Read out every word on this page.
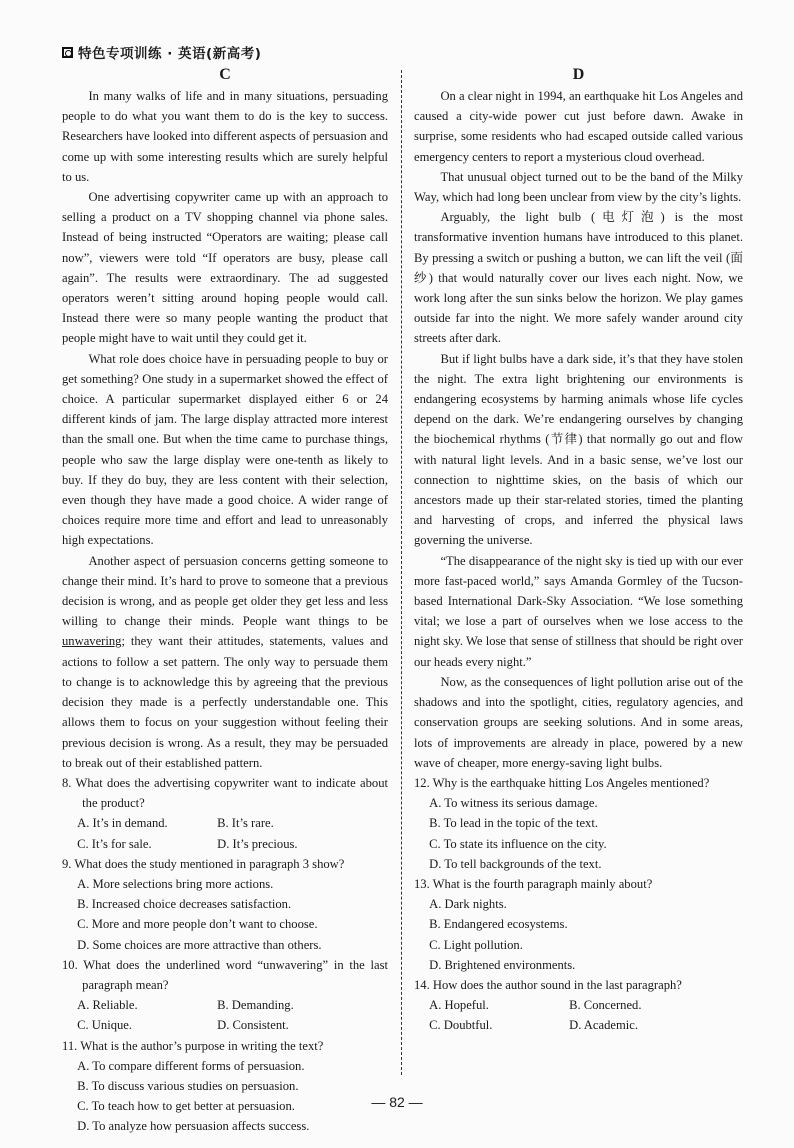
特色专项训练 · 英语(新高考)
C

In many walks of life and in many situations, persuading people to do what you want them to do is the key to success. Researchers have looked into different aspects of persuasion and come up with some interesting results which are surely helpful to us.

One advertising copywriter came up with an approach to selling a product on a TV shopping channel via phone sales. Instead of being instructed “Operators are waiting; please call now”, viewers were told “If operators are busy, please call again”. The results were extraordinary. The ad suggested operators weren’t sitting around hoping people would call. Instead there were so many people wanting the product that people might have to wait until they could get it.

What role does choice have in persuading people to buy or get something? One study in a supermarket showed the effect of choice. A particular supermarket displayed either 6 or 24 different kinds of jam. The large display attracted more interest than the small one. But when the time came to purchase things, people who saw the large display were one-tenth as likely to buy. If they do buy, they are less content with their selection, even though they have made a good choice. A wider range of choices require more time and effort and lead to unreasonably high expectations.

Another aspect of persuasion concerns getting someone to change their mind. It’s hard to prove to someone that a previous decision is wrong, and as people get older they get less and less willing to change their minds. People want things to be unwavering; they want their attitudes, statements, values and actions to follow a set pattern. The only way to persuade them to change is to acknowledge this by agreeing that the previous decision they made is a perfectly understandable one. This allows them to focus on your suggestion without feeling their previous decision is wrong. As a result, they may be persuaded to break out of their established pattern.

8. What does the advertising copywriter want to indicate about the product?
A. It’s in demand.	B. It’s rare.
C. It’s for sale.	D. It’s precious.
9. What does the study mentioned in paragraph 3 show?
A. More selections bring more actions.
B. Increased choice decreases satisfaction.
C. More and more people don’t want to choose.
D. Some choices are more attractive than others.
10. What does the underlined word “unwavering” in the last paragraph mean?
A. Reliable.	B. Demanding.
C. Unique.	D. Consistent.
11. What is the author’s purpose in writing the text?
A. To compare different forms of persuasion.
B. To discuss various studies on persuasion.
C. To teach how to get better at persuasion.
D. To analyze how persuasion affects success.
D

On a clear night in 1994, an earthquake hit Los Angeles and caused a city-wide power cut just before dawn. Awake in surprise, some residents who had escaped outside called various emergency centers to report a mysterious cloud overhead.

That unusual object turned out to be the band of the Milky Way, which had long been unclear from view by the city’s lights.

Arguably, the light bulb (电灯泡) is the most transformative invention humans have introduced to this planet. By pressing a switch or pushing a button, we can lift the veil (面纱) that would naturally cover our lives each night. Now, we work long after the sun sinks below the horizon. We play games outside far into the night. We more safely wander around city streets after dark.

But if light bulbs have a dark side, it’s that they have stolen the night. The extra light brightening our environments is endangering ecosystems by harming animals whose life cycles depend on the dark. We’re endangering ourselves by changing the biochemical rhythms (节律) that normally go out and flow with natural light levels. And in a basic sense, we’ve lost our connection to nighttime skies, on the basis of which our ancestors made up their star-related stories, timed the planting and harvesting of crops, and inferred the physical laws governing the universe.

“The disappearance of the night sky is tied up with our ever more fast-paced world,” says Amanda Gormley of the Tucson-based International Dark-Sky Association. “We lose something vital; we lose a part of ourselves when we lose access to the night sky. We lose that sense of stillness that should be right over our heads every night.”

Now, as the consequences of light pollution arise out of the shadows and into the spotlight, cities, regulatory agencies, and conservation groups are seeking solutions. And in some areas, lots of improvements are already in place, powered by a new wave of cheaper, more energy-saving light bulbs.

12. Why is the earthquake hitting Los Angeles mentioned?
A. To witness its serious damage.
B. To lead in the topic of the text.
C. To state its influence on the city.
D. To tell backgrounds of the text.
13. What is the fourth paragraph mainly about?
A. Dark nights.
B. Endangered ecosystems.
C. Light pollution.
D. Brightened environments.
14. How does the author sound in the last paragraph?
A. Hopeful.	B. Concerned.
C. Doubtful.	D. Academic.
— 82 —
